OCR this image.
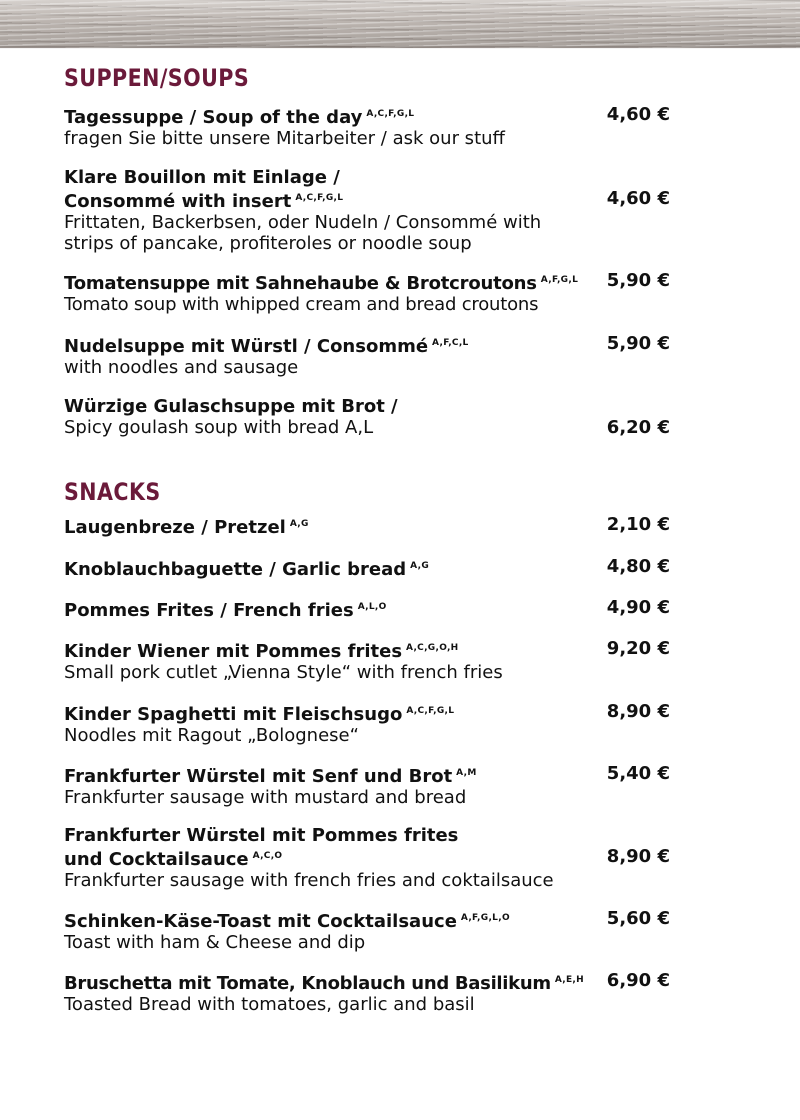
SUPPEN/SOUPS
Tagessuppe / Soup of the day $^{A,C,F,G,L}$	4,60 €
fragen Sie bitte unsere Mitarbeiter / ask our stuff
Klare Bouillon mit Einlage /
Consommé with insert $^{A,C,F,G,L}$	4,60 €
Frittaten, Backerbsen, oder Nudeln / Consommé with
strips of pancake, profiteroles or noodle soup
Tomatensuppe mit Sahnehaube & Brotcroutons $^{A,F,G,L}$ 5,90 €
Tomato soup with whipped cream and bread croutons
Nudelsuppe mit Würstl / Consommé $^{A,F,C,L}$	5,90 €
with noodles and sausage
Würzige Gulaschsuppe mit Brot /
Spicy goulash soup with bread A,L	6,20 €
SNACKS
Laugenbreze / Pretzel $^{A,G}$	2,10 €
Knoblauchbaguette / Garlic bread $^{A,G}$	4,80 €
Pommes Frites / French fries $^{A,L,O}$	4,90 €
Kinder Wiener mit Pommes frites $^{A,C,G,O,H}$	9,20 €
Small pork cutlet „Vienna Style“ with french fries
Kinder Spaghetti mit Fleischsugo $^{A,C,F,G,L}$	8,90 €
Noodles mit Ragout „Bolognese“
Frankfurter Würstel mit Senf und Brot $^{A,M}$	5,40 €
Frankfurter sausage with mustard and bread
Frankfurter Würstel mit Pommes frites
und Cocktailsauce $^{A,C,O}$	8,90 €
Frankfurter sausage with french fries and coktailsauce
Schinken-Käse-Toast mit Cocktailsauce $^{A,F,G,L,O}$	5,60 €
Toast with ham & Cheese and dip
Bruschetta mit Tomate, Knoblauch und Basilikum $^{A,E,H}$ 6,90 €
Toasted Bread with tomatoes, garlic and basil
